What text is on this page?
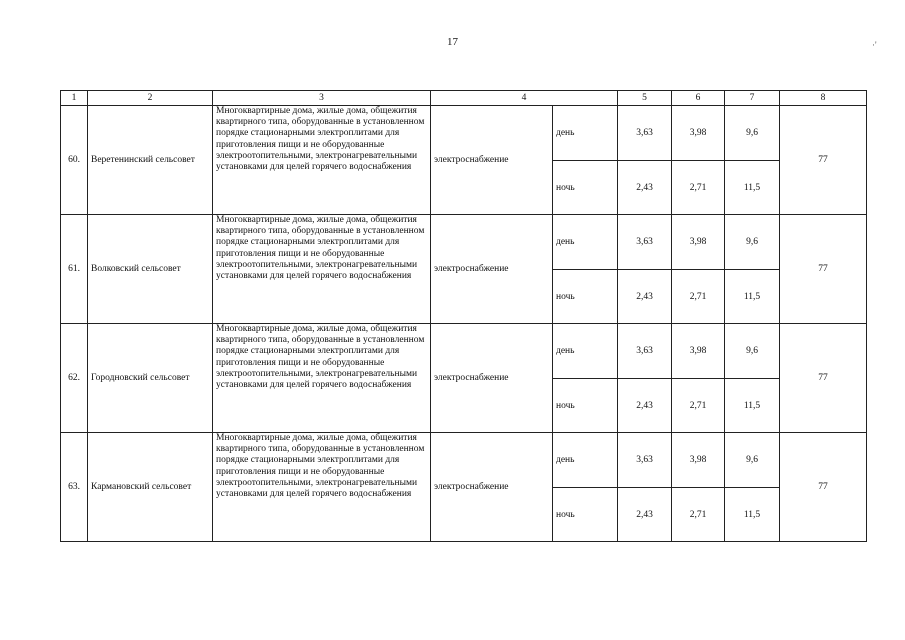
17	·'
1	2	3	4		5	6	7	8
60.	Веретенинский сельсовет	Многоквартирные дома, жилые дома, общежития квартирного типа, оборудованные в установленном порядке стационарными электроплитами для приготовления пищи и не оборудованные электроотопительными, электронагревательными установками для целей горячего водоснабжения	электроснабжение	день	3,63	3,98	9,6	77
				ночь	2,43	2,71	11,5	
61.	Волковский сельсовет	Многоквартирные дома, жилые дома, общежития квартирного типа, оборудованные в установленном порядке стационарными электроплитами для приготовления пищи и не оборудованные электроотопительными, электронагревательными установками для целей горячего водоснабжения	электроснабжение	день	3,63	3,98	9,6	77
				ночь	2,43	2,71	11,5	
62.	Городновский сельсовет	Многоквартирные дома, жилые дома, общежития квартирного типа, оборудованные в установленном порядке стационарными электроплитами для приготовления пищи и не оборудованные электроотопительными, электронагревательными установками для целей горячего водоснабжения	электроснабжение	день	3,63	3,98	9,6	77
				ночь	2,43	2,71	11,5	
63.	Кармановский сельсовет	Многоквартирные дома, жилые дома, общежития квартирного типа, оборудованные в установленном порядке стационарными электроплитами для приготовления пищи и не оборудованные электроотопительными, электронагревательными установками для целей горячего водоснабжения	электроснабжение	день	3,63	3,98	9,6	77
				ночь	2,43	2,71	11,5	
